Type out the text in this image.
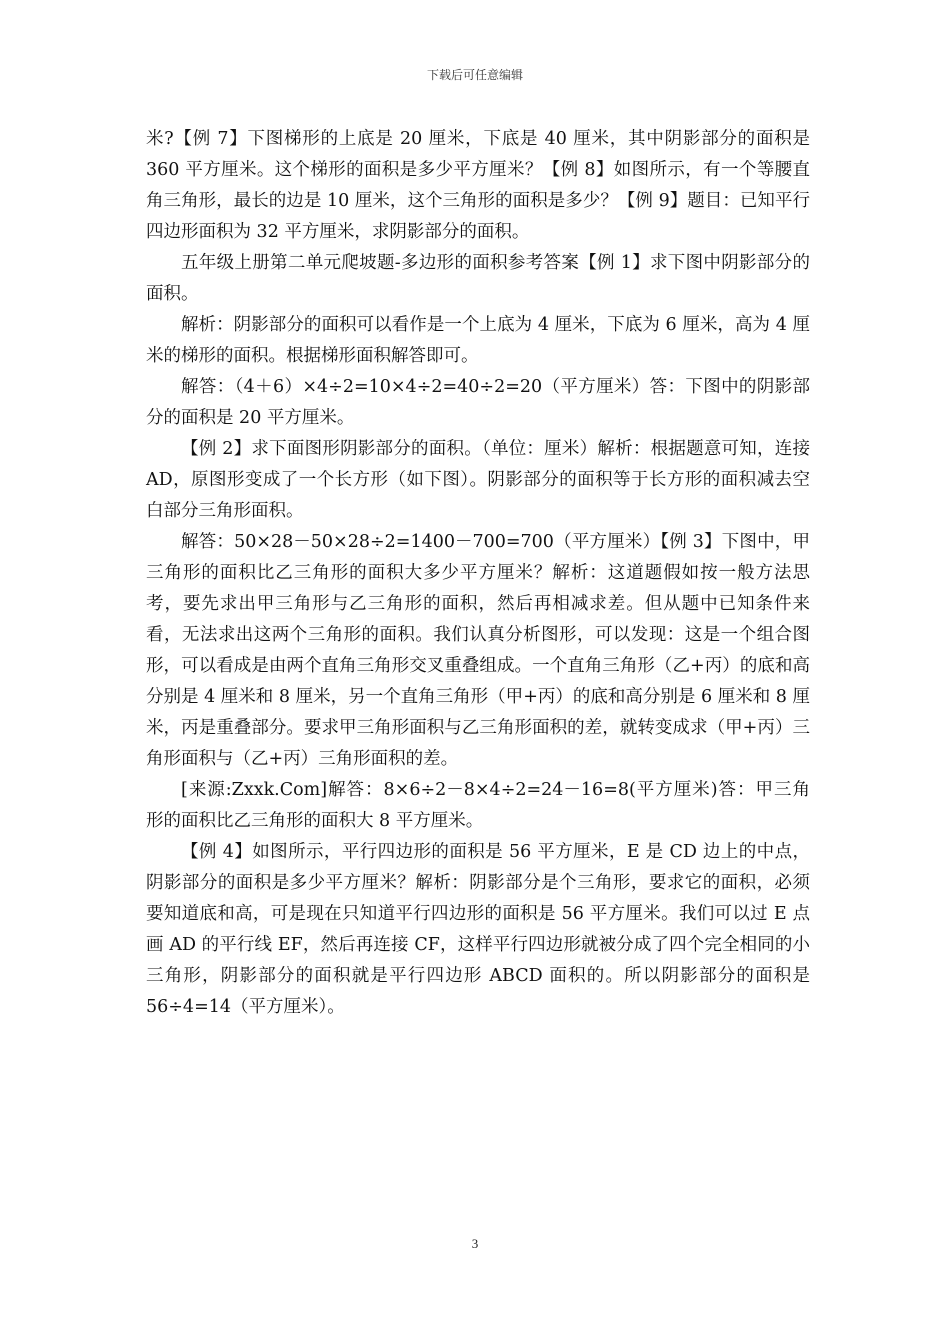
下载后可任意编辑

米?【例 7】下图梯形的上底是 20 厘米，下底是 40 厘米，其中阴影部分的面积是 360 平方厘米。这个梯形的面积是多少平方厘米？【例 8】如图所示，有一个等腰直角三角形，最长的边是 10 厘米，这个三角形的面积是多少？【例 9】题目：已知平行四边形面积为 32 平方厘米，求阴影部分的面积。

五年级上册第二单元爬坡题-多边形的面积参考答案【例 1】求下图中阴影部分的面积。

解析：阴影部分的面积可以看作是一个上底为 4 厘米，下底为 6 厘米，高为 4 厘米的梯形的面积。根据梯形面积解答即可。

解答：（4＋6）×4÷2=10×4÷2=40÷2=20（平方厘米）答：下图中的阴影部分的面积是 20 平方厘米。

【例 2】求下面图形阴影部分的面积。（单位：厘米）解析：根据题意可知，连接 AD，原图形变成了一个长方形（如下图）。阴影部分的面积等于长方形的面积减去空白部分三角形面积。

解答：50×28－50×28÷2=1400－700=700（平方厘米）【例 3】下图中，甲三角形的面积比乙三角形的面积大多少平方厘米？解析：这道题假如按一般方法思考，要先求出甲三角形与乙三角形的面积，然后再相减求差。但从题中已知条件来看，无法求出这两个三角形的面积。我们认真分析图形，可以发现：这是一个组合图形，可以看成是由两个直角三角形交叉重叠组成。一个直角三角形（乙+丙）的底和高分别是 4 厘米和 8 厘米，另一个直角三角形（甲+丙）的底和高分别是 6 厘米和 8 厘米，丙是重叠部分。要求甲三角形面积与乙三角形面积的差，就转变成求（甲+丙）三角形面积与（乙+丙）三角形面积的差。

[来源:Zxxk.Com]解答：8×6÷2－8×4÷2=24－16=8(平方厘米)答：甲三角形的面积比乙三角形的面积大 8 平方厘米。

【例 4】如图所示，平行四边形的面积是 56 平方厘米，E 是 CD 边上的中点，阴影部分的面积是多少平方厘米？解析：阴影部分是个三角形，要求它的面积，必须要知道底和高，可是现在只知道平行四边形的面积是 56 平方厘米。我们可以过 E 点画 AD 的平行线 EF，然后再连接 CF，这样平行四边形就被分成了四个完全相同的小三角形，阴影部分的面积就是平行四边形 ABCD 面积的。所以阴影部分的面积是 56÷4=14（平方厘米）。

3
